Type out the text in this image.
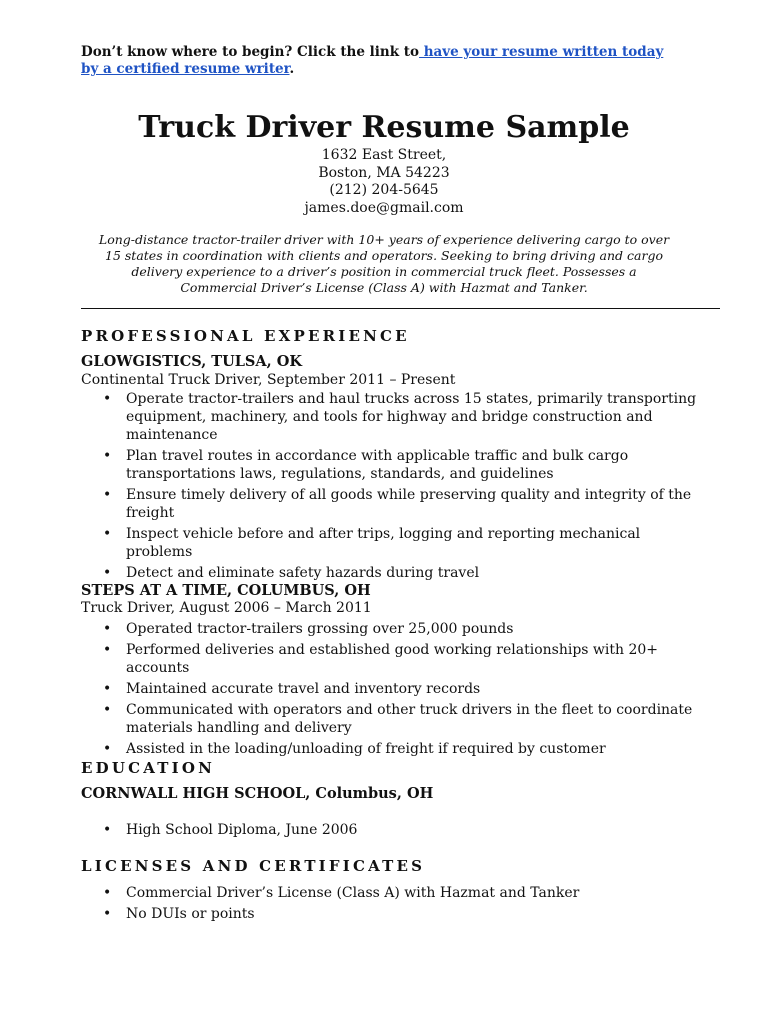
Don’t know where to begin? Click the link to have your resume written today by a certified resume writer.
Truck Driver Resume Sample
1632 East Street,
Boston, MA 54223
(212) 204-5645
james.doe@gmail.com
Long-distance tractor-trailer driver with 10+ years of experience delivering cargo to over 15 states in coordination with clients and operators. Seeking to bring driving and cargo delivery experience to a driver’s position in commercial truck fleet. Possesses a Commercial Driver’s License (Class A) with Hazmat and Tanker.
PROFESSIONAL EXPERIENCE
GLOWGISTICS, TULSA, OK
Continental Truck Driver, September 2011 – Present
• Operate tractor-trailers and haul trucks across 15 states, primarily transporting equipment, machinery, and tools for highway and bridge construction and maintenance
• Plan travel routes in accordance with applicable traffic and bulk cargo transportations laws, regulations, standards, and guidelines
• Ensure timely delivery of all goods while preserving quality and integrity of the freight
• Inspect vehicle before and after trips, logging and reporting mechanical problems
• Detect and eliminate safety hazards during travel
STEPS AT A TIME, COLUMBUS, OH
Truck Driver, August 2006 – March 2011
• Operated tractor-trailers grossing over 25,000 pounds
• Performed deliveries and established good working relationships with 20+ accounts
• Maintained accurate travel and inventory records
• Communicated with operators and other truck drivers in the fleet to coordinate materials handling and delivery
• Assisted in the loading/unloading of freight if required by customer
EDUCATION
CORNWALL HIGH SCHOOL, Columbus, OH
• High School Diploma, June 2006
LICENSES AND CERTIFICATES
• Commercial Driver’s License (Class A) with Hazmat and Tanker
• No DUIs or points
